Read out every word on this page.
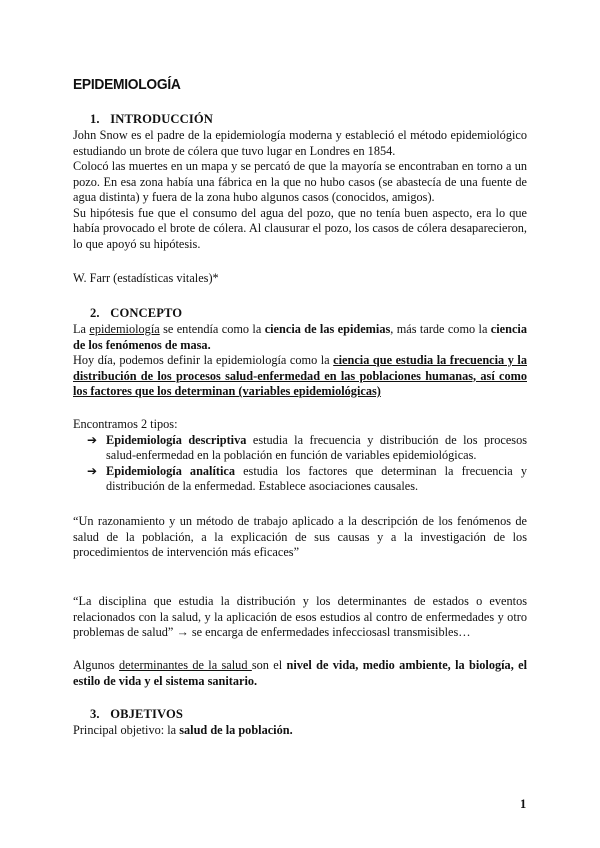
EPIDEMIOLOGÍA
1. INTRODUCCIÓN

John Snow es el padre de la epidemiología moderna y estableció el método epidemiológico estudiando un brote de cólera que tuvo lugar en Londres en 1854.

Colocó las muertes en un mapa y se percató de que la mayoría se encontraban en torno a un pozo. En esa zona había una fábrica en la que no hubo casos (se abastecía de una fuente de agua distinta) y fuera de la zona hubo algunos casos (conocidos, amigos).

Su hipótesis fue que el consumo del agua del pozo, que no tenía buen aspecto, era lo que había provocado el brote de cólera. Al clausurar el pozo, los casos de cólera desaparecieron, lo que apoyó su hipótesis.

W. Farr (estadísticas vitales)*
2. CONCEPTO

La epidemiología se entendía como la ciencia de las epidemias, más tarde como la ciencia de los fenómenos de masa.

Hoy día, podemos definir la epidemiología como la ciencia que estudia la frecuencia y la distribución de los procesos salud-enfermedad en las poblaciones humanas, así como los factores que los determinan (variables epidemiológicas)

Encontramos 2 tipos:

➔ Epidemiología descriptiva estudia la frecuencia y distribución de los procesos salud-enfermedad en la población en función de variables epidemiológicas.
➔ Epidemiología analítica estudia los factores que determinan la frecuencia y distribución de la enfermedad. Establece asociaciones causales.
“Un razonamiento y un método de trabajo aplicado a la descripción de los fenómenos de salud de la población, a la explicación de sus causas y a la investigación de los procedimientos de intervención más eficaces”
“La disciplina que estudia la distribución y los determinantes de estados o eventos relacionados con la salud, y la aplicación de esos estudios al contro de enfermedades y otro problemas de salud” → se encarga de enfermedades infecciosasl transmisibles…
Algunos determinantes de la salud son el nivel de vida, medio ambiente, la biología, el estilo de vida y el sistema sanitario.
3. OBJETIVOS
Principal objetivo: la salud de la población.
1
